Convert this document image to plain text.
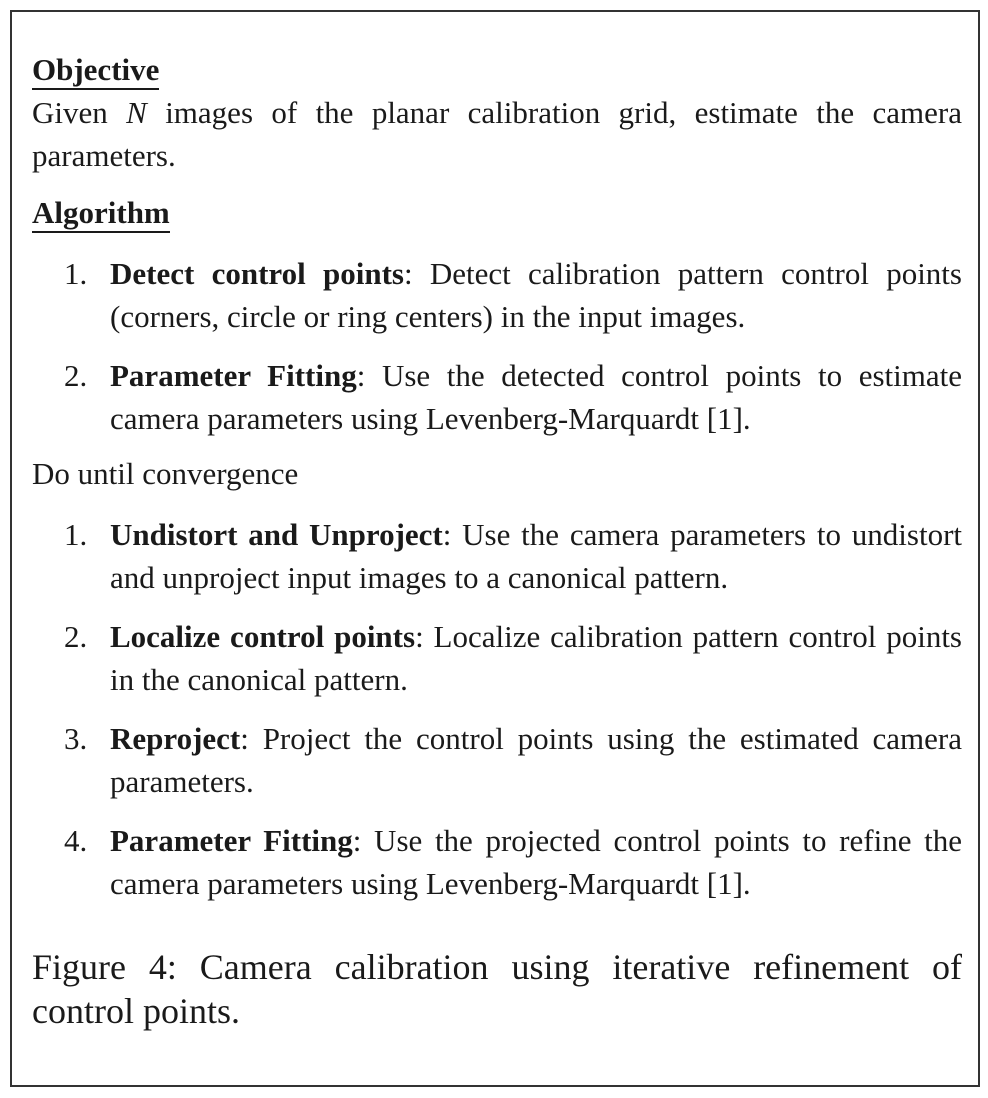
Objective

Given N images of the planar calibration grid, estimate the camera parameters.

Algorithm
1. Detect control points: Detect calibration pattern control points (corners, circle or ring centers) in the input images.
2. Parameter Fitting: Use the detected control points to estimate camera parameters using Levenberg-Marquardt [1].

Do until convergence

1. Undistort and Unproject: Use the camera parameters to undistort and unproject input images to a canonical pattern.
2. Localize control points: Localize calibration pattern control points in the canonical pattern.
3. Reproject: Project the control points using the estimated camera parameters.
4. Parameter Fitting: Use the projected control points to refine the camera parameters using Levenberg-Marquardt [1].

Figure 4: Camera calibration using iterative refinement of control points.
